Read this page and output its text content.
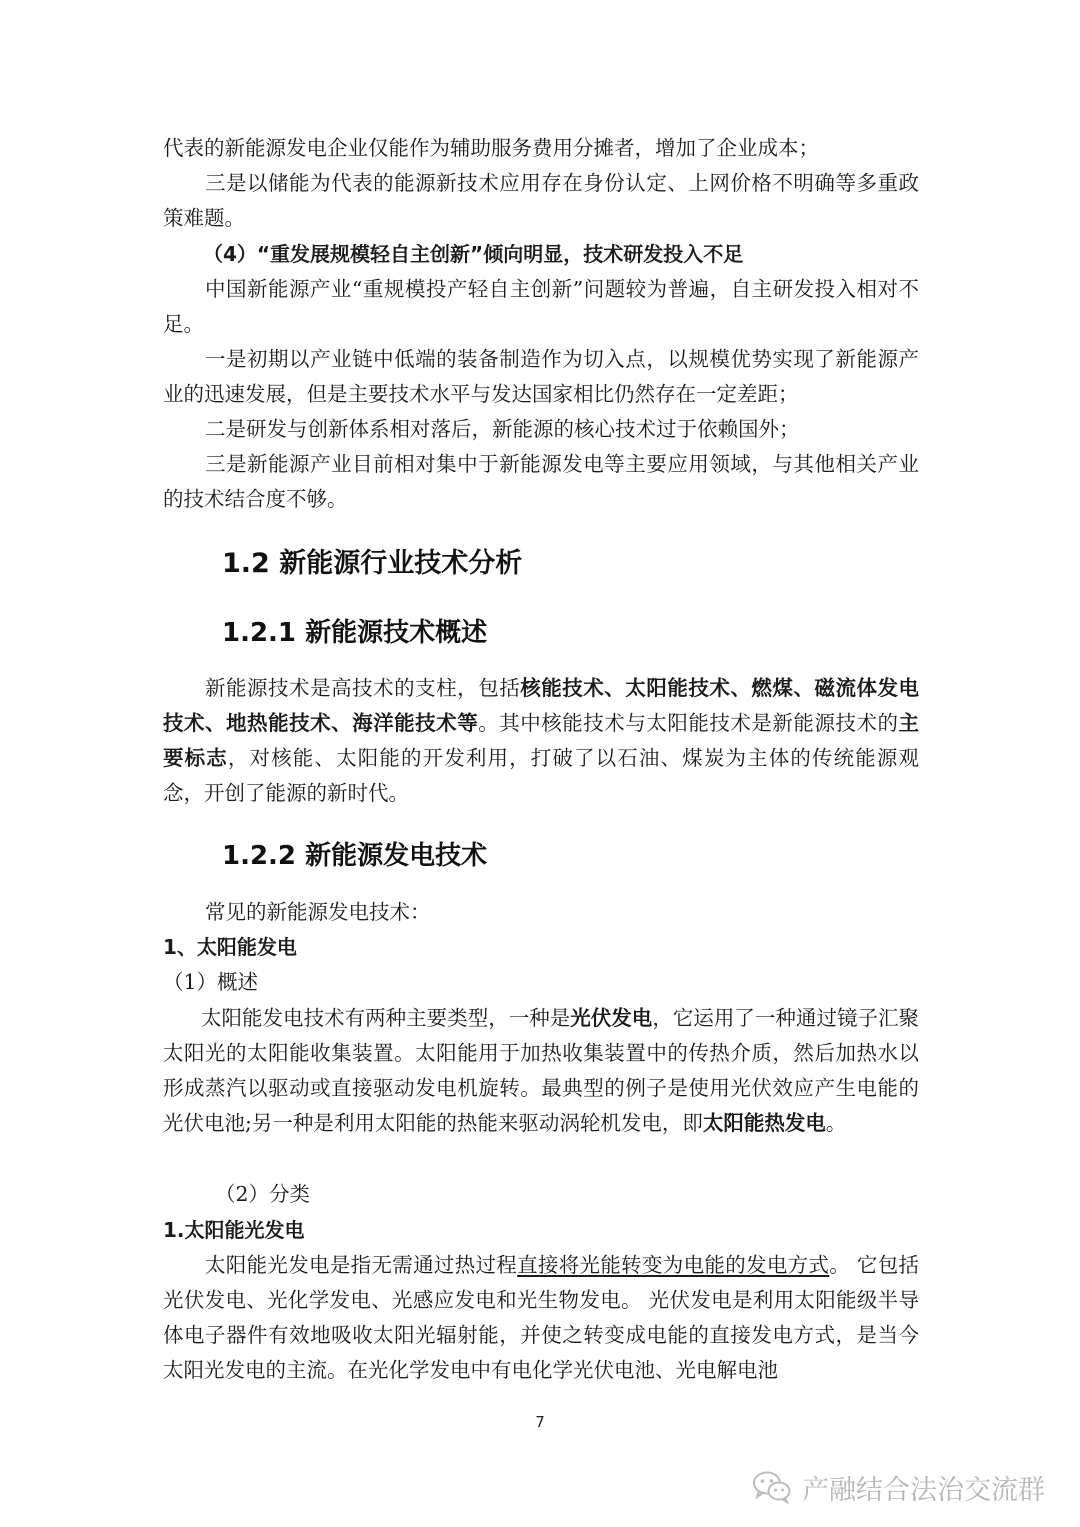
代表的新能源发电企业仅能作为辅助服务费用分摊者，增加了企业成本；

三是以储能为代表的能源新技术应用存在身份认定、上网价格不明确等多重政策难题。

（4）“重发展规模轻自主创新”倾向明显，技术研发投入不足

中国新能源产业“重规模投产轻自主创新”问题较为普遍，自主研发投入相对不足。

一是初期以产业链中低端的装备制造作为切入点，以规模优势实现了新能源产业的迅速发展，但是主要技术水平与发达国家相比仍然存在一定差距；

二是研发与创新体系相对落后，新能源的核心技术过于依赖国外；

三是新能源产业目前相对集中于新能源发电等主要应用领域，与其他相关产业的技术结合度不够。

1.2 新能源行业技术分析
1.2.1 新能源技术概述

新能源技术是高技术的支柱，包括核能技术、太阳能技术、燃煤、磁流体发电技术、地热能技术、海洋能技术等。其中核能技术与太阳能技术是新能源技术的主要标志，对核能、太阳能的开发利用，打破了以石油、煤炭为主体的传统能源观念，开创了能源的新时代。

1.2.2 新能源发电技术

常见的新能源发电技术：

1、太阳能发电

（1）概述

太阳能发电技术有两种主要类型，一种是光伏发电，它运用了一种通过镜子汇聚太阳光的太阳能收集装置。太阳能用于加热收集装置中的传热介质，然后加热水以形成蒸汽以驱动或直接驱动发电机旋转。最典型的例子是使用光伏效应产生电能的光伏电池;另一种是利用太阳能的热能来驱动涡轮机发电，即太阳能热发电。

（2）分类

1.太阳能光发电

太阳能光发电是指无需通过热过程直接将光能转变为电能的发电方式。 它包括光伏发电、光化学发电、光感应发电和光生物发电。 光伏发电是利用太阳能级半导体电子器件有效地吸收太阳光辐射能，并使之转变成电能的直接发电方式，是当今太阳光发电的主流。在光化学发电中有电化学光伏电池、光电解电池

7
产融结合法治交流群
